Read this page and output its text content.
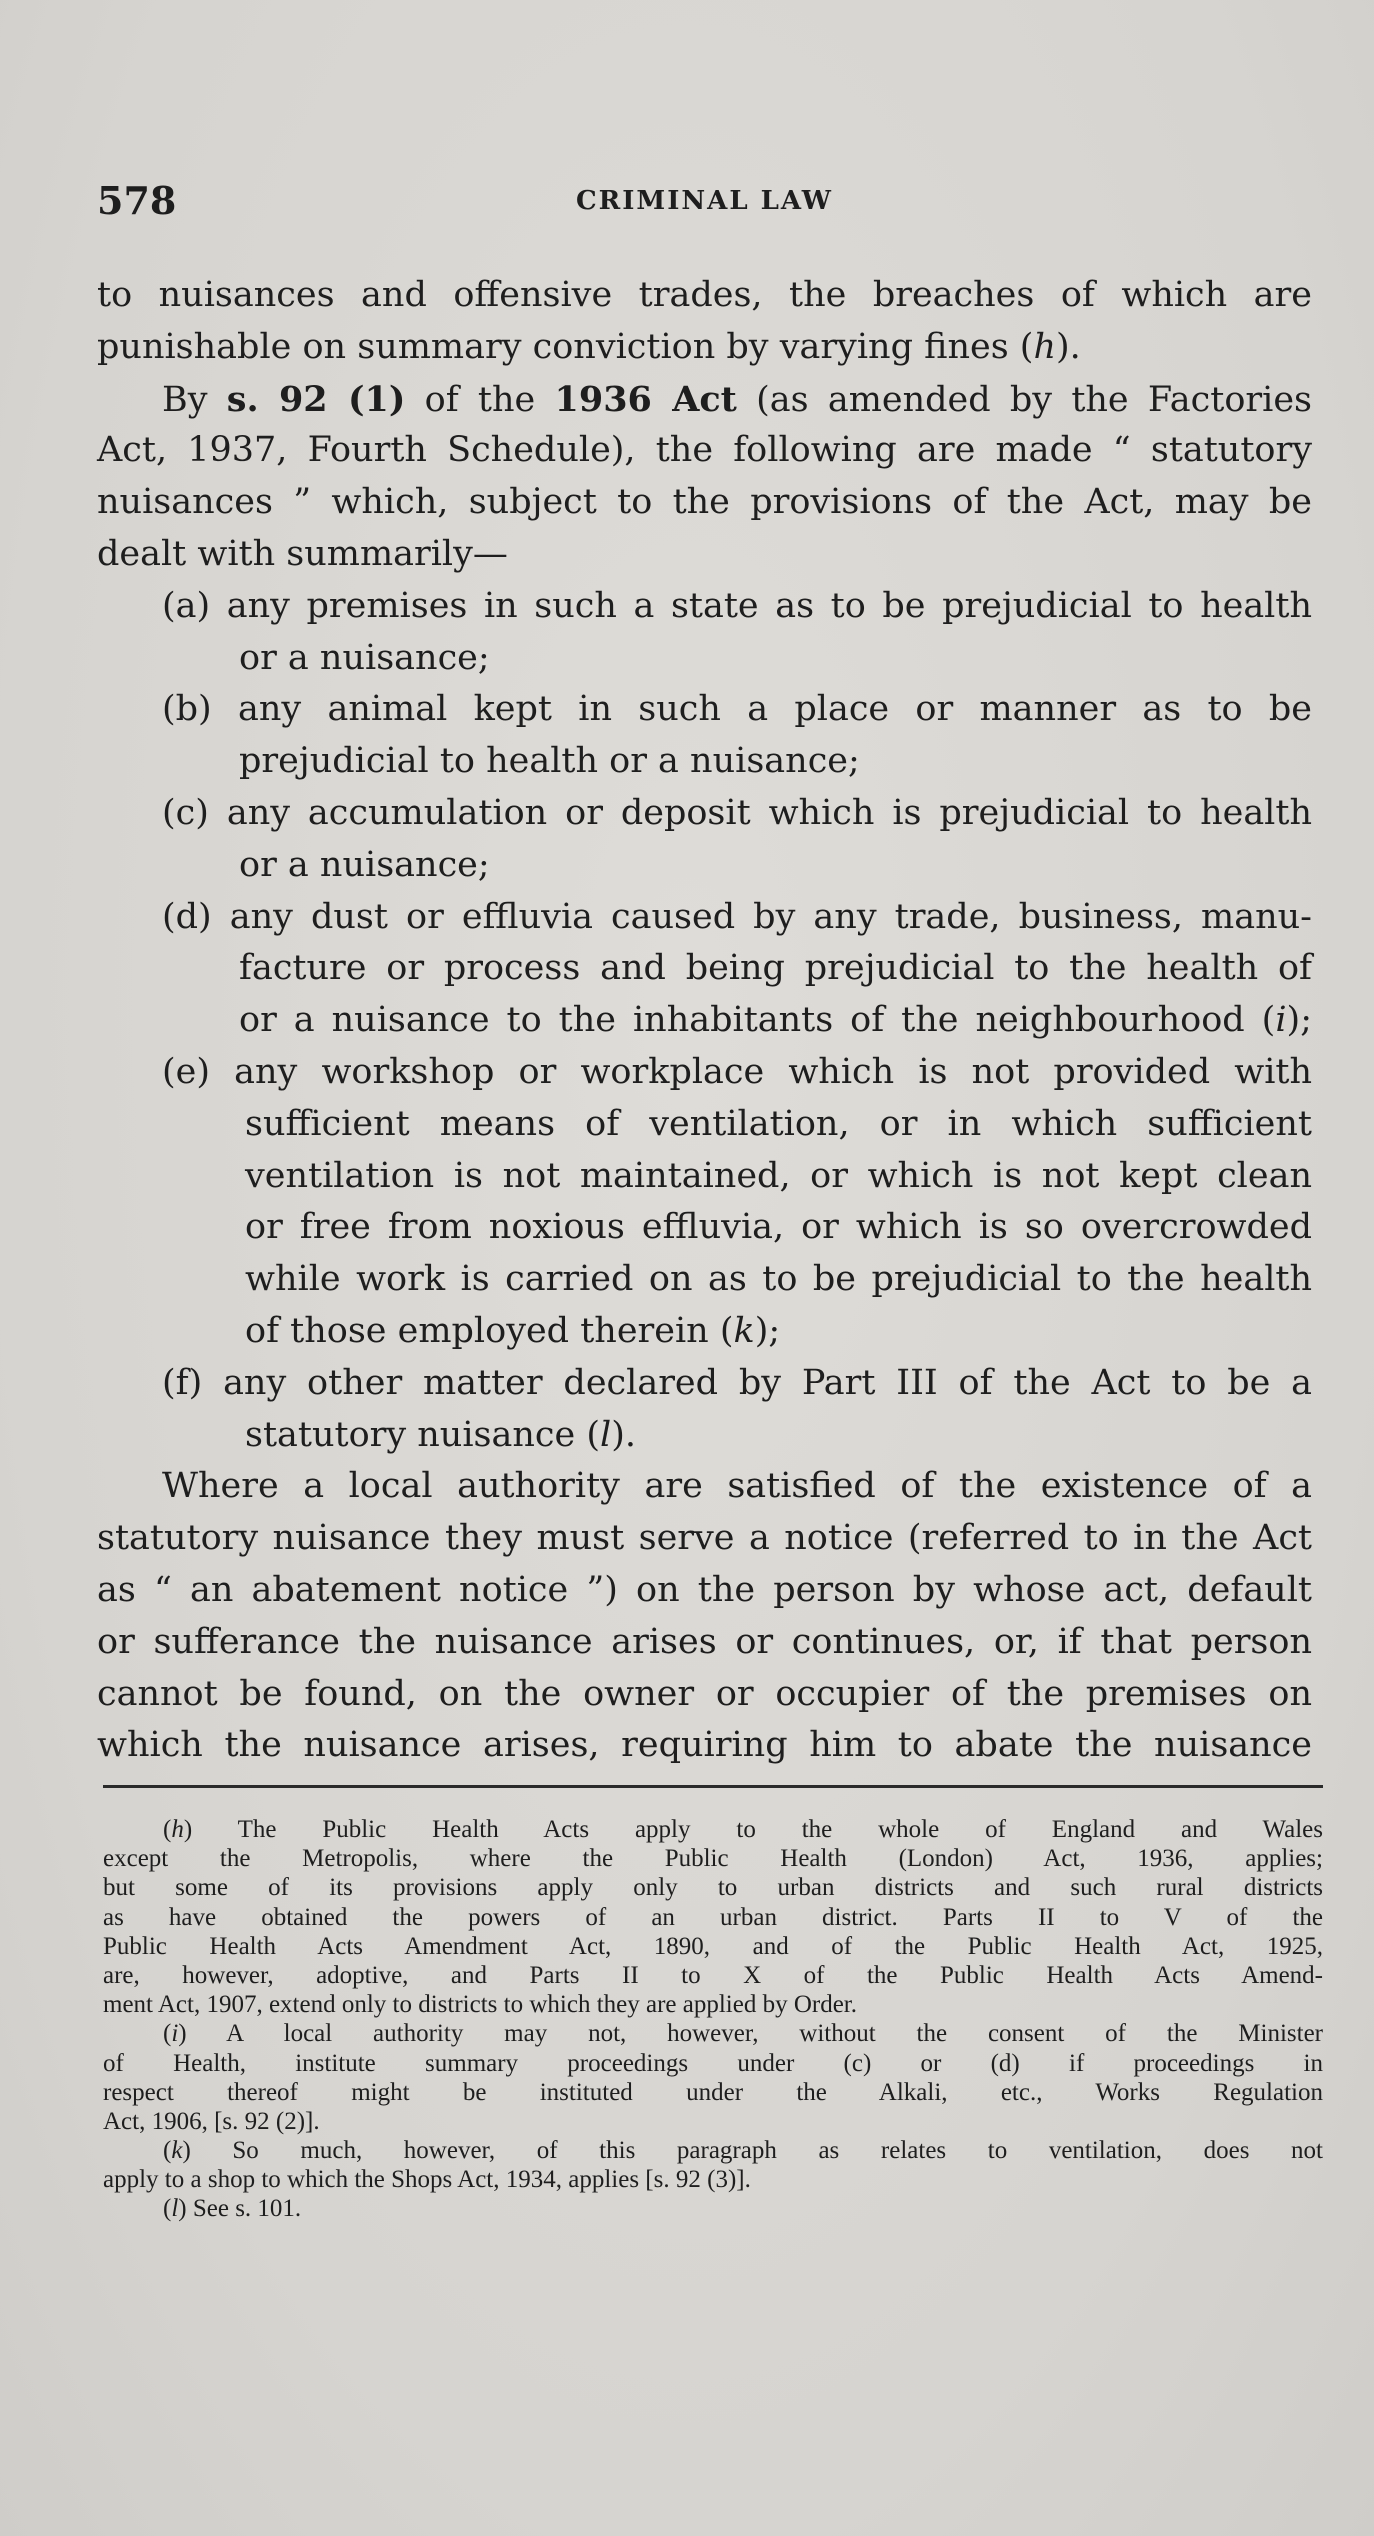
578	CRIMINAL LAW
to nuisances and offensive trades, the breaches of which are
punishable on summary conviction by varying fines (h).
By s. 92 (1) of the 1936 Act (as amended by the Factories
Act, 1937, Fourth Schedule), the following are made “ statutory
nuisances ” which, subject to the provisions of the Act, may be
dealt with summarily—
(a) any premises in such a state as to be prejudicial to health
or a nuisance;
(b) any animal kept in such a place or manner as to be
prejudicial to health or a nuisance;
(c) any accumulation or deposit which is prejudicial to health
or a nuisance;
(d) any dust or effluvia caused by any trade, business, manu-
facture or process and being prejudicial to the health of
or a nuisance to the inhabitants of the neighbourhood (i);
(e) any workshop or workplace which is not provided with
sufficient means of ventilation, or in which sufficient
ventilation is not maintained, or which is not kept clean
or free from noxious effluvia, or which is so overcrowded
while work is carried on as to be prejudicial to the health
of those employed therein (k);
(f) any other matter declared by Part III of the Act to be a
statutory nuisance (l).
Where a local authority are satisfied of the existence of a
statutory nuisance they must serve a notice (referred to in the Act
as “ an abatement notice ”) on the person by whose act, default
or sufferance the nuisance arises or continues, or, if that person
cannot be found, on the owner or occupier of the premises on
which the nuisance arises, requiring him to abate the nuisance
(h) The Public Health Acts apply to the whole of England and Wales
except the Metropolis, where the Public Health (London) Act, 1936, applies;
but some of its provisions apply only to urban districts and such rural districts
as have obtained the powers of an urban district. Parts II to V of the
Public Health Acts Amendment Act, 1890, and of the Public Health Act, 1925,
are, however, adoptive, and Parts II to X of the Public Health Acts Amend-
ment Act, 1907, extend only to districts to which they are applied by Order.
(i) A local authority may not, however, without the consent of the Minister
of Health, institute summary proceedings under (c) or (d) if proceedings in
respect thereof might be instituted under the Alkali, etc., Works Regulation
Act, 1906, [s. 92 (2)].
(k) So much, however, of this paragraph as relates to ventilation, does not
apply to a shop to which the Shops Act, 1934, applies [s. 92 (3)].
(l) See s. 101.
